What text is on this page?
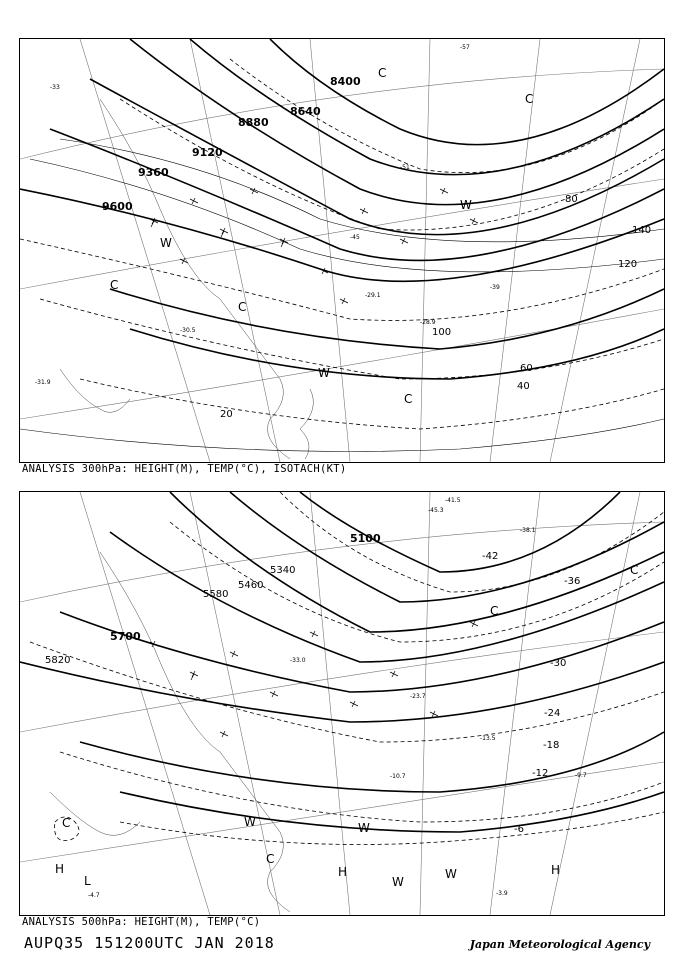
9600
9360
9120
8880
8640
8400
20
40
60
80
100
120
140
-57
-51
-45
-39
-33
-29.1
-28.9
-30.5
-31.9
C
C
C
C
W
W
W
C
ANALYSIS 300hPa: HEIGHT(M), TEMP(°C), ISOTACH(KT)
5820
5700
5580
5460
5340
5100
-42
-36
-30
-24
-18
-12
-6
C
C
C
W	W
W
W
H	H	H
L
C
-38.1
-41.5
-45.3
-33.0
-23.7
-13.5
-10.7	-9.7
-4.7	-3.9
ANALYSIS 500hPa: HEIGHT(M), TEMP(°C)
AUPQ35 151200UTC JAN 2018	Japan Meteorological Agency
